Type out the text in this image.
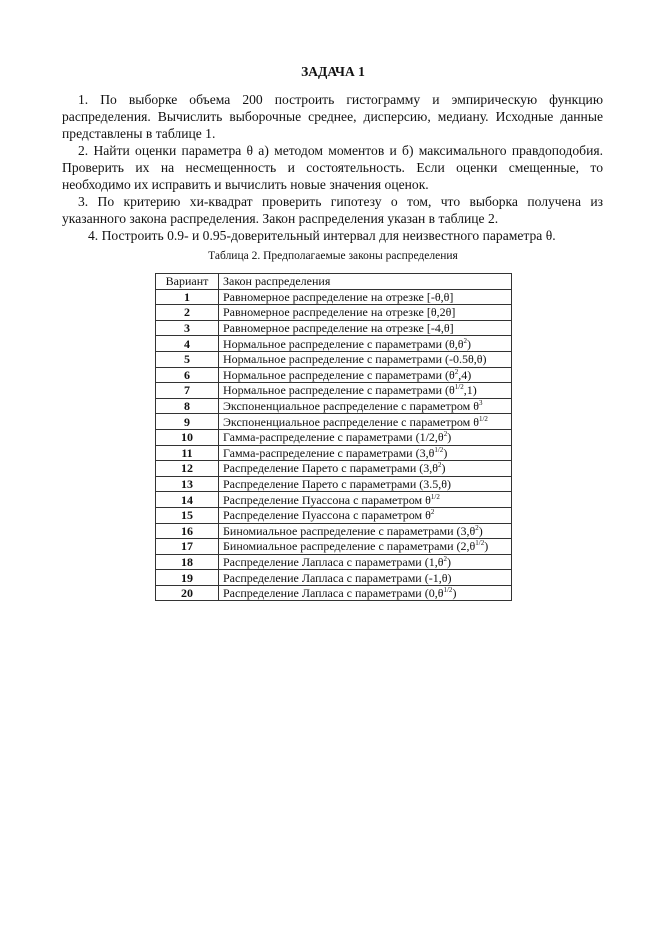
ЗАДАЧА 1

1. По выборке объема 200 построить гистограмму и эмпирическую функцию распределения. Вычислить выборочные среднее, дисперсию, медиану. Исходные данные представлены в таблице 1.

2. Найти оценки параметра θ а) методом моментов и б) максимального правдоподобия. Проверить их на несмещенность и состоятельность. Если оценки смещенные, то необходимо их исправить и вычислить новые значения оценок.

3. По критерию хи-квадрат проверить гипотезу о том, что выборка получена из указанного закона распределения. Закон распределения указан в таблице 2.

4. Построить 0.9- и 0.95-доверительный интервал для неизвестного параметра θ.

Таблица 2. Предполагаемые законы распределения
Вариант	Закон распределения
1	Равномерное распределение на отрезке [-θ,θ]
2	Равномерное распределение на отрезке [θ,2θ]
3	Равномерное распределение на отрезке [-4,θ]
4	Нормальное распределение с параметрами $(\theta,\theta^2)$
5	Нормальное распределение с параметрами (-0.5θ,θ)
6	Нормальное распределение с параметрами $(\theta^2,4)$
7	Нормальное распределение с параметрами $(\theta^{1/2},1)$
8	Экспоненциальное распределение с параметром $\theta^3$
9	Экспоненциальное распределение с параметром $\theta^{1/2}$
10	Гамма-распределение с параметрами $(1/2,\theta^2)$
11	Гамма-распределение с параметрами $(3,\theta^{1/2})$
12	Распределение Парето с параметрами $(3,\theta^2)$
13	Распределение Парето с параметрами (3.5,θ)
14	Распределение Пуассона с параметром $\theta^{1/2}$
15	Распределение Пуассона с параметром $\theta^2$
16	Биномиальное распределение с параметрами $(3,\theta^2)$
17	Биномиальное распределение с параметрами $(2,\theta^{1/2})$
18	Распределение Лапласа с параметрами $(1,\theta^2)$
19	Распределение Лапласа с параметрами (-1,θ)
20	Распределение Лапласа с параметрами $(0,\theta^{1/2})$
